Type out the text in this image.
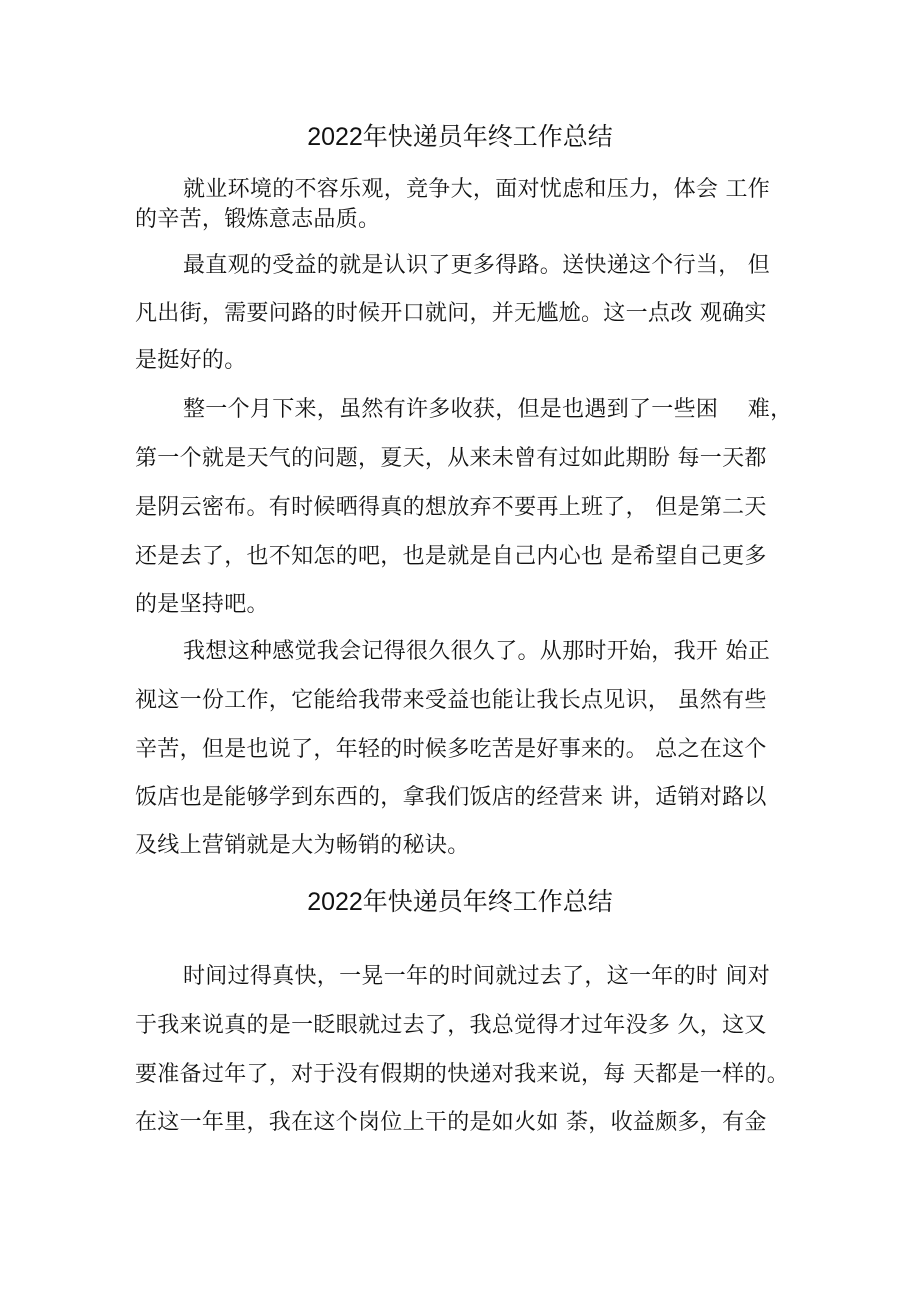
2022年快递员年终工作总结
就业环境的不容乐观，竞争大，面对忧虑和压力，体会 工作
的辛苦，锻炼意志品质。
最直观的受益的就是认识了更多得路。送快递这个行当， 但
凡出街，需要问路的时候开口就问，并无尴尬。这一点改 观确实
是挺好的。
整一个月下来，虽然有许多收获，但是也遇到了一些困　 难，
第一个就是天气的问题，夏天，从来未曾有过如此期盼 每一天都
是阴云密布。有时候晒得真的想放弃不要再上班了， 但是第二天
还是去了，也不知怎的吧，也是就是自己内心也 是希望自己更多
的是坚持吧。
我想这种感觉我会记得很久很久了。从那时开始，我开 始正
视这一份工作，它能给我带来受益也能让我长点见识， 虽然有些
辛苦，但是也说了，年轻的时候多吃苦是好事来的。 总之在这个
饭店也是能够学到东西的，拿我们饭店的经营来 讲，适销对路以
及线上营销就是大为畅销的秘诀。
2022年快递员年终工作总结
时间过得真快，一晃一年的时间就过去了，这一年的时 间对
于我来说真的是一眨眼就过去了，我总觉得才过年没多 久，这又
要准备过年了，对于没有假期的快递对我来说，每 天都是一样的。
在这一年里，我在这个岗位上干的是如火如 荼，收益颇多，有金
